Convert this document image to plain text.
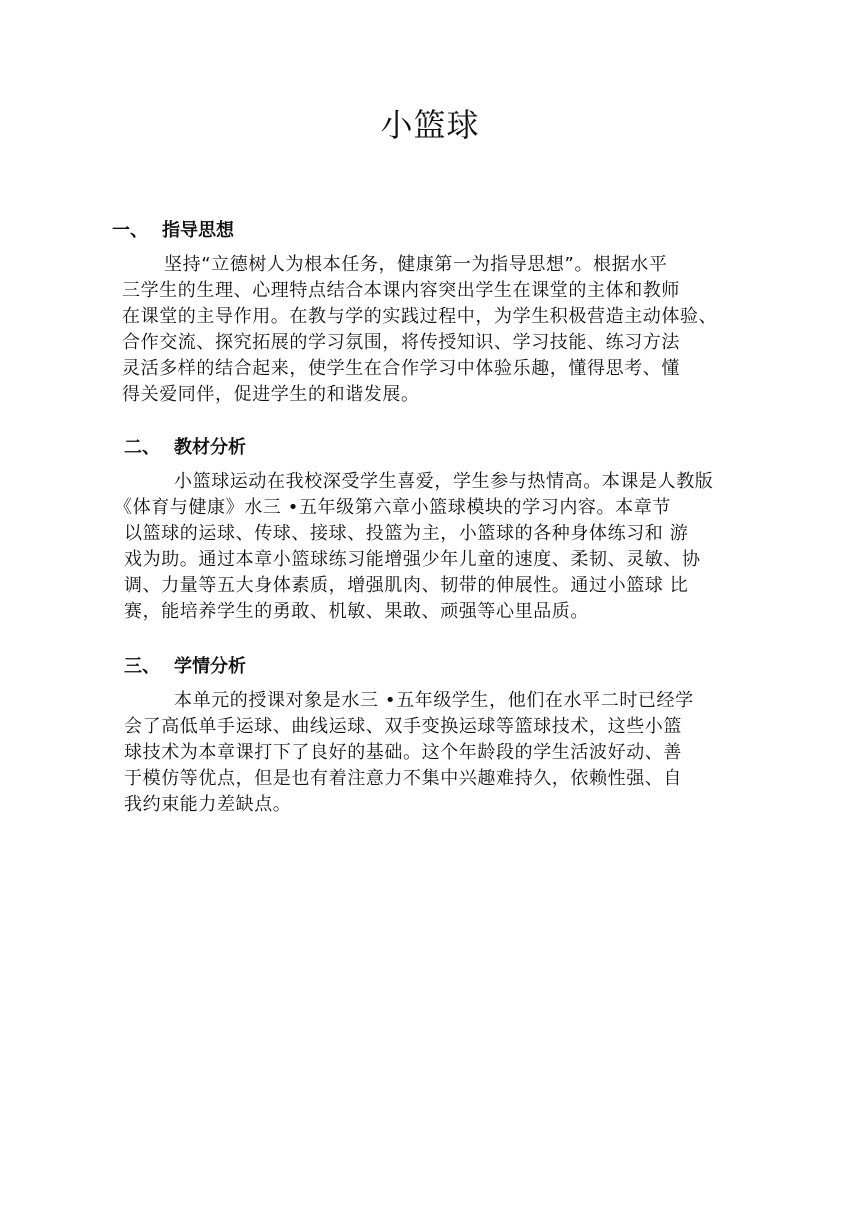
小篮球
一、 指导思想

坚持“立德树人为根本任务，健康第一为指导思想”。根据水平

三学生的生理、心理特点结合本课内容突出学生在课堂的主体和教师

在课堂的主导作用。在教与学的实践过程中，为学生积极营造主动体验、

合作交流、探究拓展的学习氛围，将传授知识、学习技能、练习方法

灵活多样的结合起来，使学生在合作学习中体验乐趣，懂得思考、懂

得关爱同伴，促进学生的和谐发展。

二、 教材分析

小篮球运动在我校深受学生喜爱，学生参与热情高。本课是人教版

《体育与健康》水三 •五年级第六章小篮球模块的学习内容。本章节

以篮球的运球、传球、接球、投篮为主，小篮球的各种身体练习和 游

戏为助。通过本章小篮球练习能增强少年儿童的速度、柔韧、灵敏、协

调、力量等五大身体素质，增强肌肉、韧带的伸展性。通过小篮球 比

赛，能培养学生的勇敢、机敏、果敢、顽强等心里品质。

三、 学情分析

本单元的授课对象是水三 •五年级学生，他们在水平二时已经学

会了高低单手运球、曲线运球、双手变换运球等篮球技术，这些小篮

球技术为本章课打下了良好的基础。这个年龄段的学生活波好动、善

于模仿等优点，但是也有着注意力不集中兴趣难持久，依赖性强、自

我约束能力差缺点。
